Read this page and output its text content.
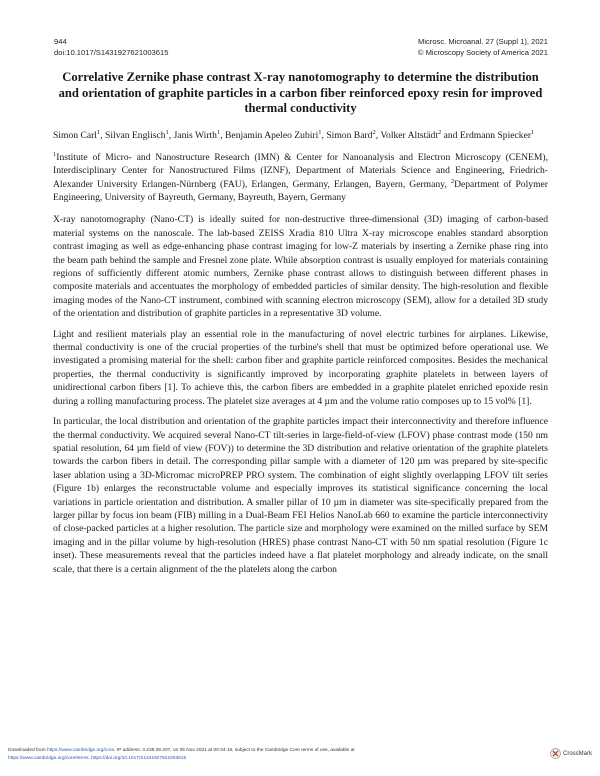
944
doi:10.1017/S1431927621003615
Microsc. Microanal. 27 (Suppl 1), 2021
© Microscopy Society of America 2021
Correlative Zernike phase contrast X-ray nanotomography to determine the distribution and orientation of graphite particles in a carbon fiber reinforced epoxy resin for improved thermal conductivity

Simon Carl$^1$, Silvan Englisch$^1$, Janis Wirth$^1$, Benjamin Apeleo Zubiri$^1$, Simon Bard$^2$, Volker Altstädt$^2$ and Erdmann Spiecker$^1$

$^1$Institute of Micro- and Nanostructure Research (IMN) & Center for Nanoanalysis and Electron Microscopy (CENEM), Interdisciplinary Center for Nanostructured Films (IZNF), Department of Materials Science and Engineering, Friedrich-Alexander University Erlangen-Nürnberg (FAU), Erlangen, Germany, Erlangen, Bayern, Germany, $^2$Department of Polymer Engineering, University of Bayreuth, Germany, Bayreuth, Bayern, Germany

X-ray nanotomography (Nano-CT) is ideally suited for non-destructive three-dimensional (3D) imaging of carbon-based material systems on the nanoscale. The lab-based ZEISS Xradia 810 Ultra X-ray microscope enables standard absorption contrast imaging as well as edge-enhancing phase contrast imaging for low-Z materials by inserting a Zernike phase ring into the beam path behind the sample and Fresnel zone plate. While absorption contrast is usually employed for materials containing regions of sufficiently different atomic numbers, Zernike phase contrast allows to distinguish between different phases in composite materials and accentuates the morphology of embedded particles of similar density. The high-resolution and flexible imaging modes of the Nano-CT instrument, combined with scanning electron microscopy (SEM), allow for a detailed 3D study of the orientation and distribution of graphite particles in a representative 3D volume.

Light and resilient materials play an essential role in the manufacturing of novel electric turbines for airplanes. Likewise, thermal conductivity is one of the crucial properties of the turbine's shell that must be optimized before operational use. We investigated a promising material for the shell: carbon fiber and graphite particle reinforced composites. Besides the mechanical properties, the thermal conductivity is significantly improved by incorporating graphite platelets in between layers of unidirectional carbon fibers [1]. To achieve this, the carbon fibers are embedded in a graphite platelet enriched epoxide resin during a rolling manufacturing process. The platelet size averages at 4 µm and the volume ratio composes up to 15 vol% [1].

In particular, the local distribution and orientation of the graphite particles impact their interconnectivity and therefore influence the thermal conductivity. We acquired several Nano-CT tilt-series in large-field-of-view (LFOV) phase contrast mode (150 nm spatial resolution, 64 µm field of view (FOV)) to determine the 3D distribution and relative orientation of the graphite platelets towards the carbon fibers in detail. The corresponding pillar sample with a diameter of 120 µm was prepared by site-specific laser ablation using a 3D-Micromac microPREP PRO system. The combination of eight slightly overlapping LFOV tilt series (Figure 1b) enlarges the reconstructable volume and especially improves its statistical significance concerning the local variations in particle orientation and distribution. A smaller pillar of 10 µm in diameter was site-specifically prepared from the larger pillar by focus ion beam (FIB) milling in a Dual-Beam FEI Helios NanoLab 660 to examine the particle interconnectivity of close-packed particles at a higher resolution. The particle size and morphology were examined on the milled surface by SEM imaging and in the pillar volume by high-resolution (HRES) phase contrast Nano-CT with 50 nm spatial resolution (Figure 1c inset). These measurements reveal that the particles indeed have a flat platelet morphology and already indicate, on the small scale, that there is a certain alignment of the the platelets along the carbon

Downloaded from https://www.cambridge.org/core. IP address: 3.238.29.207, on 05 Nov 2021 at 00:34:16, subject to the Cambridge Core terms of use, available at
https://www.cambridge.org/core/terms. https://doi.org/10.1017/S1431927621003615
CrossMark
